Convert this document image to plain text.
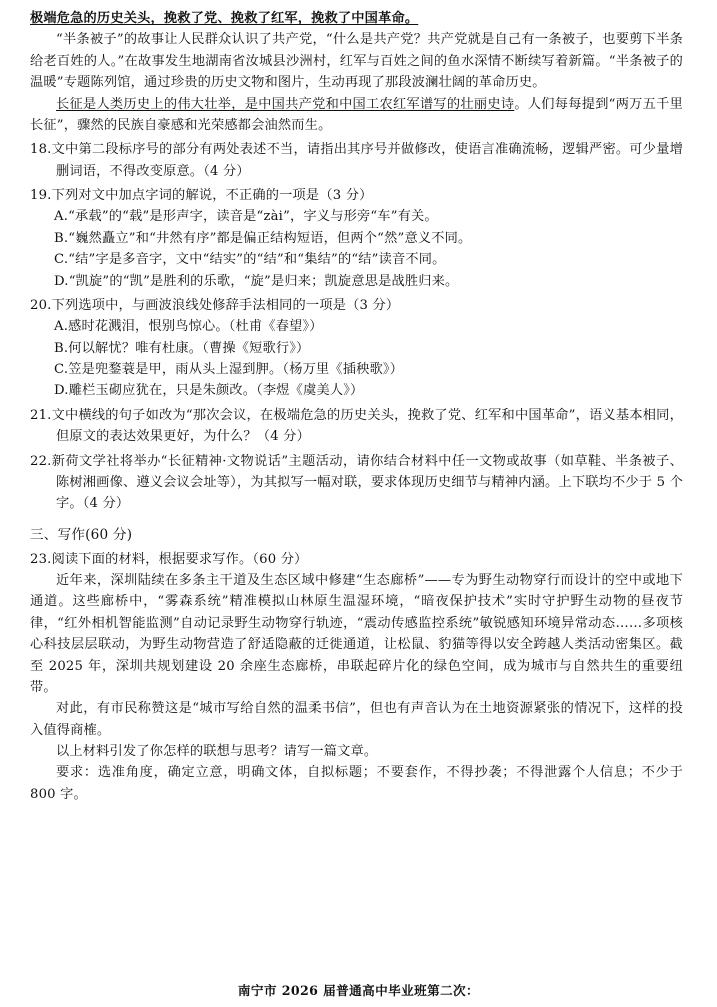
极端危急的历史关头，挽救了党、挽救了红军，挽救了中国革命。

“半条被子”的故事让人民群众认识了共产党，“什么是共产党？共产党就是自己有一条被子，也要剪下半条给老百姓的人。”在故事发生地湖南省汝城县沙洲村，红军与百姓之间的鱼水深情不断续写着新篇。“半条被子的温暖”专题陈列馆，通过珍贵的历史文物和图片，生动再现了那段波澜壮阔的革命历史。

长征是人类历史上的伟大壮举，是中国共产党和中国工农红军谱写的壮丽史诗。人们每每提到“两万五千里长征”，骤然的民族自豪感和光荣感都会油然而生。

18.文中第二段标序号的部分有两处表述不当，请指出其序号并做修改，使语言准确流畅，逻辑严密。可少量增删词语，不得改变原意。（4 分）

19.下列对文中加点字词的解说，不正确的一项是（3 分）

A.“承载”的“载”是形声字，读音是“zài”，字义与形旁“车”有关。

B.“巍然矗立”和“井然有序”都是偏正结构短语，但两个“然”意义不同。

C.“结”字是多音字，文中“结实”的“结”和“集结”的“结”读音不同。

D.“凯旋”的“凯”是胜利的乐歌，“旋”是归来；凯旋意思是战胜归来。

20.下列选项中，与画波浪线处修辞手法相同的一项是（3 分）

A.感时花溅泪，恨别鸟惊心。（杜甫《春望》）

B.何以解忧？唯有杜康。（曹操《短歌行》）

C.笠是兜鍪蓑是甲，雨从头上湿到胛。（杨万里《插秧歌》）

D.雕栏玉砌应犹在，只是朱颜改。（李煜《虞美人》）

21.文中横线的句子如改为“那次会议，在极端危急的历史关头，挽救了党、红军和中国革命”，语义基本相同，但原文的表达效果更好，为什么？（4 分）

22.新荷文学社将举办“长征精神·文物说话”主题活动，请你结合材料中任一文物或故事（如草鞋、半条被子、陈树湘画像、遵义会议会址等），为其拟写一幅对联，要求体现历史细节与精神内涵。上下联均不少于 5 个字。（4 分）

三、写作(60 分)

23.阅读下面的材料，根据要求写作。（60 分）

近年来，深圳陆续在多条主干道及生态区域中修建“生态廊桥”——专为野生动物穿行而设计的空中或地下通道。这些廊桥中，“雾森系统”精准模拟山林原生温湿环境，“暗夜保护技术”实时守护野生动物的昼夜节律，“红外相机智能监测”自动记录野生动物穿行轨迹，“震动传感监控系统”敏锐感知环境异常动态……多项核心科技层层联动，为野生动物营造了舒适隐蔽的迁徙通道，让松鼠、豹猫等得以安全跨越人类活动密集区。截至 2025 年，深圳共规划建设 20 余座生态廊桥，串联起碎片化的绿色空间，成为城市与自然共生的重要纽带。

对此，有市民称赞这是“城市写给自然的温柔书信”，但也有声音认为在土地资源紧张的情况下，这样的投入值得商榷。

以上材料引发了你怎样的联想与思考？请写一篇文章。

要求：选准角度，确定立意，明确文体，自拟标题；不要套作，不得抄袭；不得泄露个人信息；不少于 800 字。

南宁市 2026 届普通高中毕业班第二次：
